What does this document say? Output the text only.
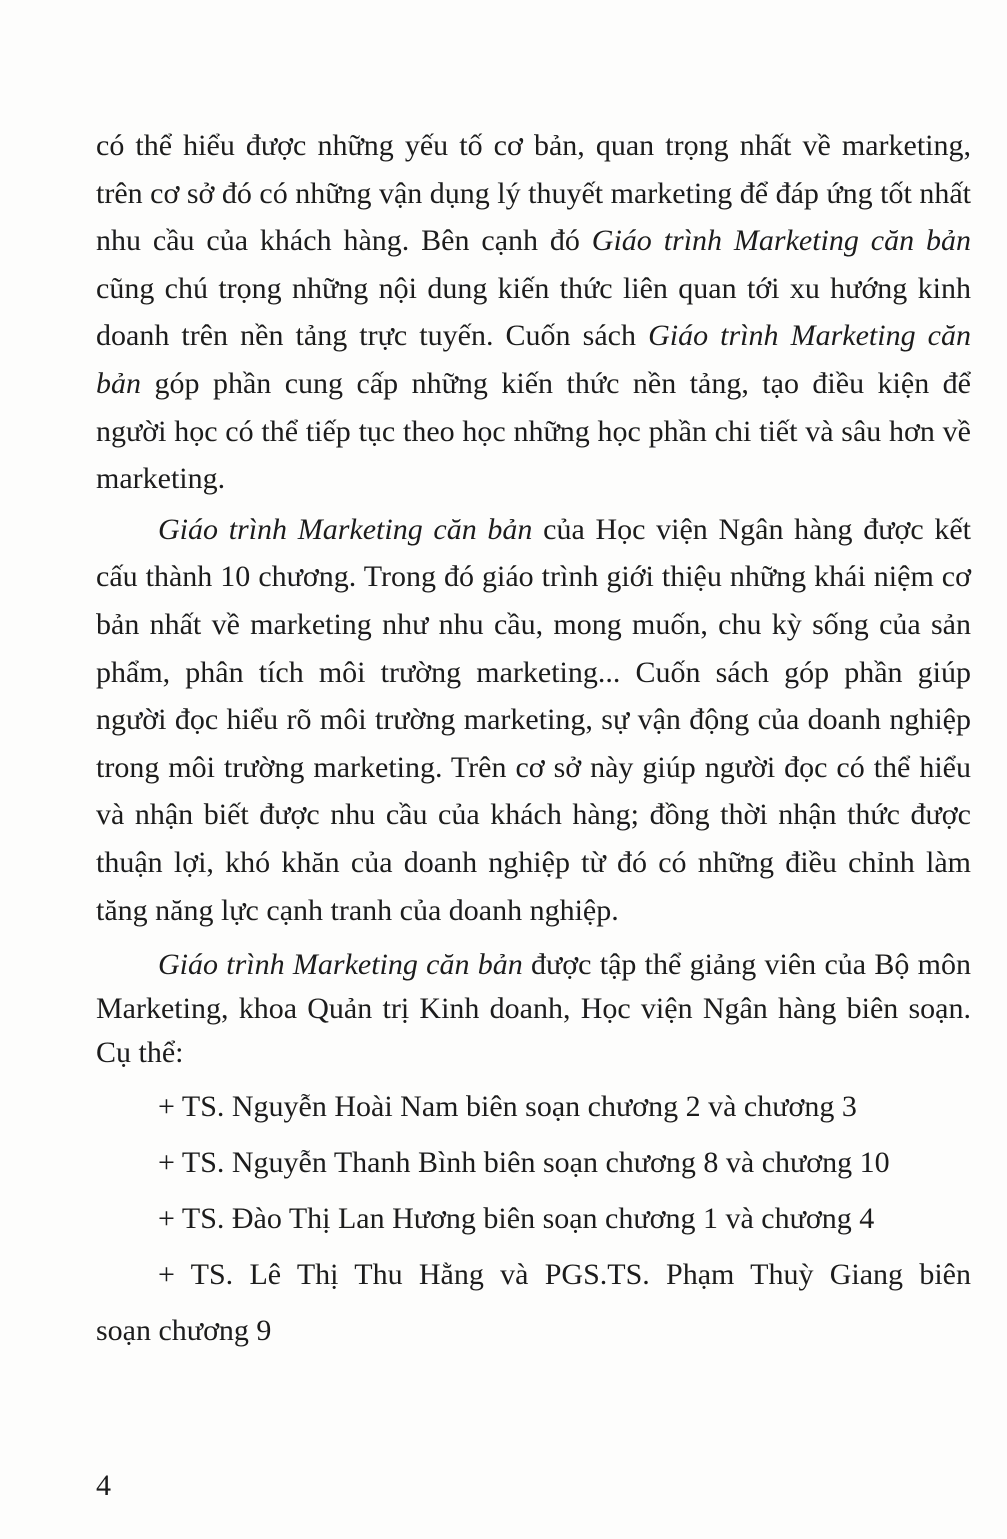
có thể hiểu được những yếu tố cơ bản, quan trọng nhất về marketing, trên cơ sở đó có những vận dụng lý thuyết marketing để đáp ứng tốt nhất nhu cầu của khách hàng. Bên cạnh đó Giáo trình Marketing căn bản cũng chú trọng những nội dung kiến thức liên quan tới xu hướng kinh doanh trên nền tảng trực tuyến. Cuốn sách Giáo trình Marketing căn bản góp phần cung cấp những kiến thức nền tảng, tạo điều kiện để người học có thể tiếp tục theo học những học phần chi tiết và sâu hơn về marketing.

Giáo trình Marketing căn bản của Học viện Ngân hàng được kết cấu thành 10 chương. Trong đó giáo trình giới thiệu những khái niệm cơ bản nhất về marketing như nhu cầu, mong muốn, chu kỳ sống của sản phẩm, phân tích môi trường marketing... Cuốn sách góp phần giúp người đọc hiểu rõ môi trường marketing, sự vận động của doanh nghiệp trong môi trường marketing. Trên cơ sở này giúp người đọc có thể hiểu và nhận biết được nhu cầu của khách hàng; đồng thời nhận thức được thuận lợi, khó khăn của doanh nghiệp từ đó có những điều chỉnh làm tăng năng lực cạnh tranh của doanh nghiệp.

Giáo trình Marketing căn bản được tập thể giảng viên của Bộ môn Marketing, khoa Quản trị Kinh doanh, Học viện Ngân hàng biên soạn. Cụ thể:

+ TS. Nguyễn Hoài Nam biên soạn chương 2 và chương 3

+ TS. Nguyễn Thanh Bình biên soạn chương 8 và chương 10

+ TS. Đào Thị Lan Hương biên soạn chương 1 và chương 4

+ TS. Lê Thị Thu Hằng và PGS.TS. Phạm Thuỳ Giang biên
soạn chương 9

4
